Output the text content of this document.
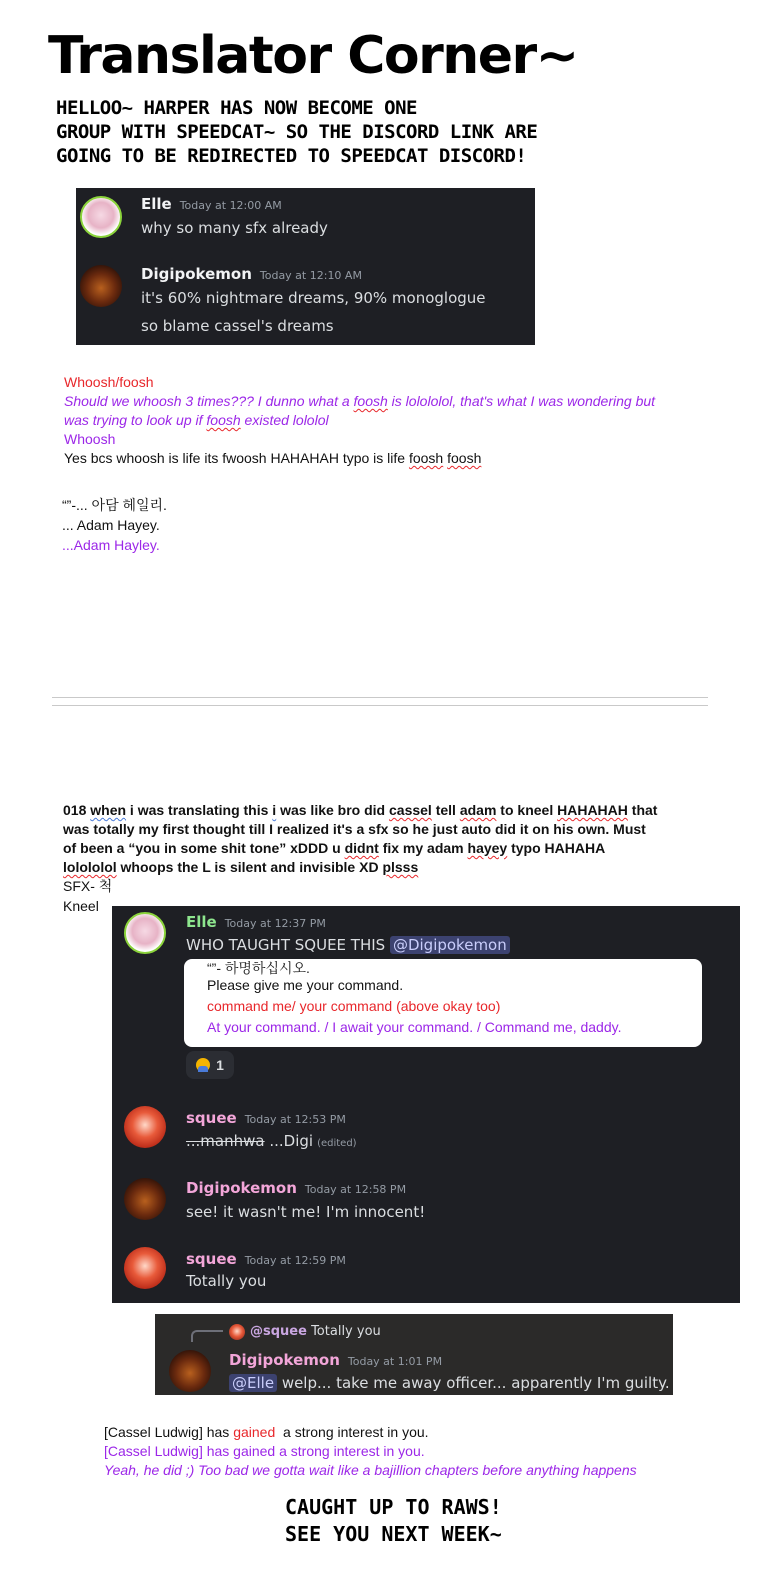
Translator Corner~
HELLOO~ HARPER HAS NOW BECOME ONE
GROUP WITH SPEEDCAT~ SO THE DISCORD LINK ARE
GOING TO BE REDIRECTED TO SPEEDCAT DISCORD!
Elle Today at 12:00 AM
why so many sfx already
Digipokemon Today at 12:10 AM
it's 60% nightmare dreams, 90% monoglogue
so blame cassel's dreams
Whoosh/foosh
Should we whoosh 3 times??? I dunno what a foosh is lolololol, that's what I was wondering but
was trying to look up if foosh existed lololol
Whoosh
Yes bcs whoosh is life its fwoosh HAHAHAH typo is life foosh foosh
“”-... 아담 헤일리.
... Adam Hayey.
...Adam Hayley.
018 when i was translating this i was like bro did cassel tell adam to kneel HAHAHAH that
was totally my first thought till I realized it's a sfx so he just auto did it on his own. Must
of been a “you in some shit tone” xDDD u didnt fix my adam hayey typo HAHAHA
lolololol whoops the L is silent and invisible XD plsss
SFX- 척
Kneel
Elle Today at 12:37 PM
WHO TAUGHT SQUEE THIS @Digipokemon
squee Today at 12:53 PM
...manhwa ...Digi (edited)
Digipokemon Today at 12:58 PM
see! it wasn't me! I'm innocent!
squee Today at 12:59 PM
Totally you
“”- 하명하십시오.
Please give me your command.
command me/ your command (above okay too)
At your command. / I await your command. / Command me, daddy.
1
@squee Totally you
Digipokemon Today at 1:01 PM
@Elle welp... take me away officer... apparently I'm guilty.
[Cassel Ludwig] has gained  a strong interest in you.
[Cassel Ludwig] has gained a strong interest in you.
Yeah, he did ;) Too bad we gotta wait like a bajillion chapters before anything happens
CAUGHT UP TO RAWS!
SEE YOU NEXT WEEK~
